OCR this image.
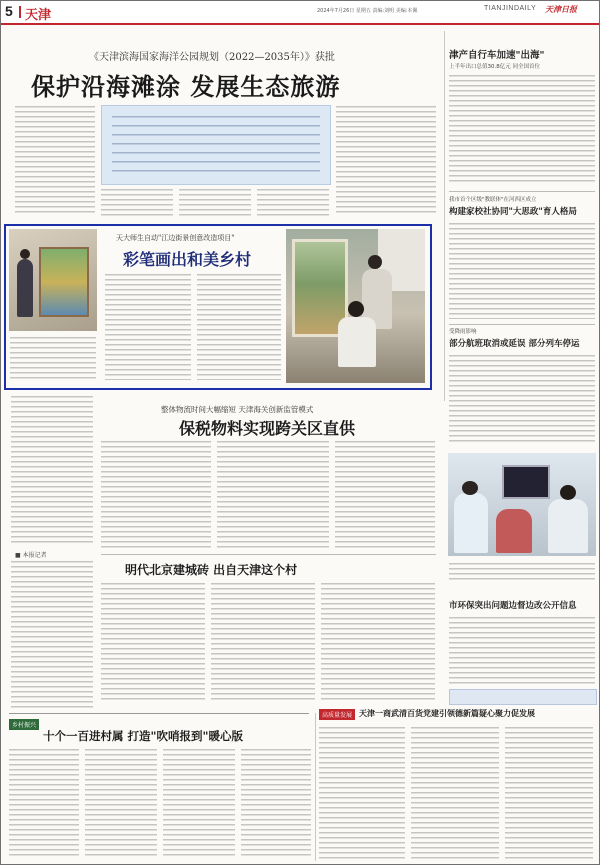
5 天津	2024年7月26日 星期五 责编:刘明 美编:本佩	TIANJINDAILY 天津日报
《天津滨海国家海洋公园规划（2022—2035年）》获批
保护沿海滩涂 发展生态旅游
天大师生自动"江边街景创意改造项目"
彩笔画出和美乡村
■ 本报记者
整体物流时间大幅缩短 天津海关创新监管模式
保税物料实现跨关区直供
明代北京建城砖 出自天津这个村
乡村振兴
十个一百进村属 打造"吹哨报到"暖心版
高质量发展 天津一商武清百货党建引领德新篇疑心聚力促发展
津产自行车加速"出海"
上半年出口总值30.8亿元 同全国首位
我市首个区级"教联体"在河西区成立
构建家校社协同"大思政"育人格局
受降雨影响
部分航班取消或延误 部分列车停运
市环保突出问题边督边改公开信息
